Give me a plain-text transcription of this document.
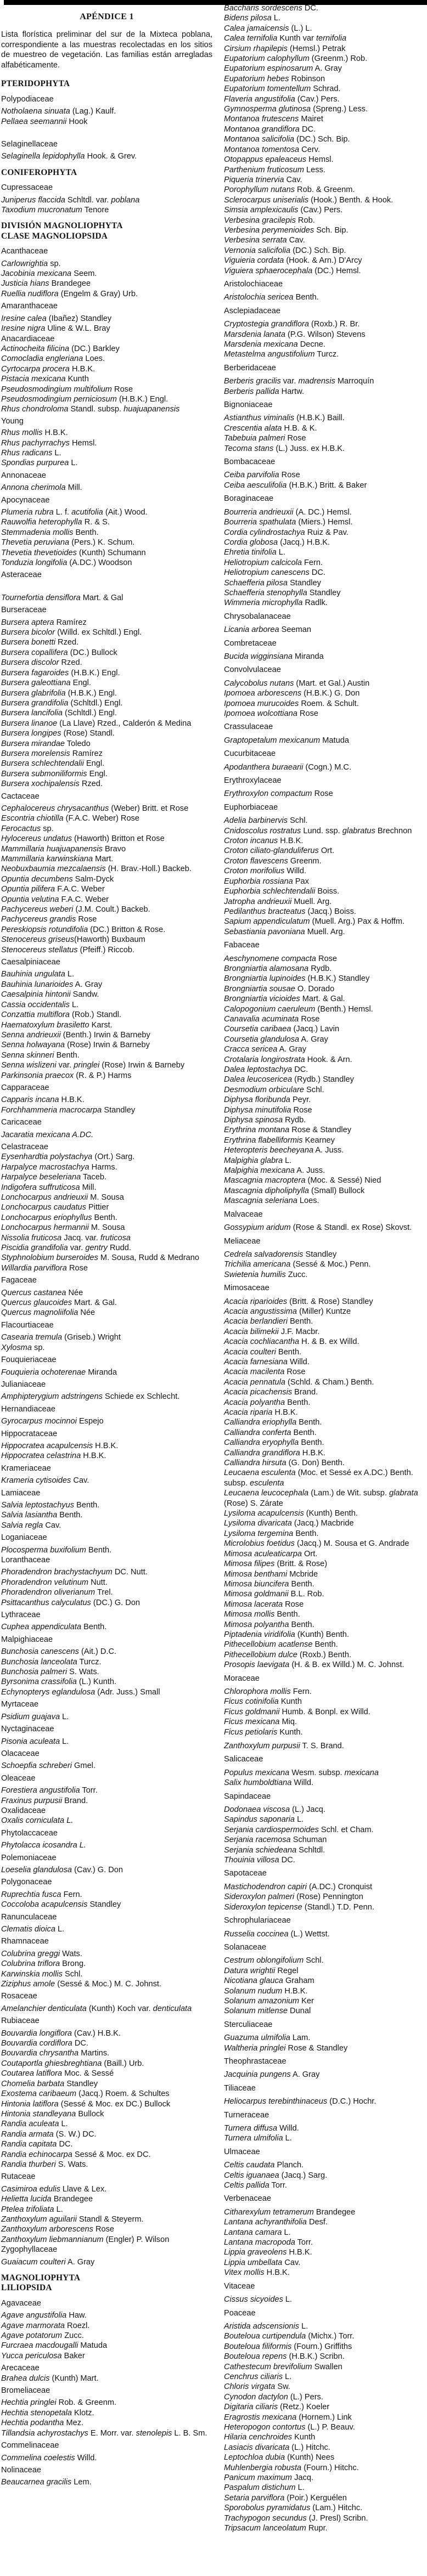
APÉNDICE 1

Lista florística preliminar del sur de la Mixteca poblana, correspondiente a las muestras recolectadas en los sitios de muestreo de vegetación. Las familias están arregladas alfabéticamente.

PTERIDOPHYTA
Polypodiaceae
Notholaena sinuata (Lag.) Kaulf.
Pellaea seemannii Hook
Selaginellaceae
Selaginella lepidophylla Hook. & Grev.
CONIFEROPHYTA
Cupressaceae
Juniperus flaccida Schltdl. var. poblana
Taxodium mucronatum Tenore
DIVISIÓN MAGNOLIOPHYTA
CLASE MAGNOLIOPSIDA
Acanthaceae
Carlowrightia sp.
Jacobinia mexicana Seem.
Justicia hians Brandegee
Ruellia nudiflora (Engelm & Gray) Urb.
Amaranthaceae
Iresine calea (Ibañez) Standley
Iresine nigra Uline & W.L. Bray
Anacardiaceae
Actinocheita filicina (DC.) Barkley
Comocladia engleriana Loes.
Cyrtocarpa procera H.B.K.
Pistacia mexicana Kunth
Pseudosmodingium multifolium Rose
Pseudosmodingium perniciosum (H.B.K.) Engl.
Rhus chondroloma Standl. subsp. huajuapanensis
Young
Rhus mollis H.B.K.
Rhus pachyrrachys Hemsl.
Rhus radicans L.
Spondias purpurea L.
Annonaceae
Annona cherimola Mill.
Apocynaceae
Plumeria rubra L. f. acutifolia (Ait.) Wood.
Rauwolfia heterophylla R. & S.
Stemmadenia mollis Benth.
Thevetia peruviana (Pers.) K. Schum.
Thevetia thevetioides (Kunth) Schumann
Tonduzia longifolia (A.DC.) Woodson
Asteraceae
Tournefortia densiflora Mart. & Gal
Burseraceae
Bursera aptera Ramírez
Bursera bicolor (Willd. ex Schltdl.) Engl.
Bursera bonetti Rzed.
Bursera copallifera (DC.) Bullock
Bursera discolor Rzed.
Bursera fagaroides (H.B.K.) Engl.
Bursera galeottiana Engl.
Bursera glabrifolia (H.B.K.) Engl.
Bursera grandifolia (Schltdl.) Engl.
Bursera lancifolia (Schltdl.) Engl.
Bursera linanoe (La Llave) Rzed., Calderón & Medina
Bursera longipes (Rose) Standl.
Bursera mirandae Toledo
Bursera morelensis Ramírez
Bursera schlechtendalii Engl.
Bursera submoniliformis Engl.
Bursera xochipalensis Rzed.
Cactaceae
Cephalocereus chrysacanthus (Weber) Britt. et Rose
Escontria chiotilla (F.A.C. Weber) Rose
Ferocactus sp.
Hylocereus undatus (Haworth) Britton et Rose
Mammillaria huajuapanensis Bravo
Mammillaria karwinskiana Mart.
Neobuxbaumia mezcalaensis (H. Brav.-Holl.) Backeb.
Opuntia decumbens Salm-Dyck
Opuntia pilifera F.A.C. Weber
Opuntia velutina F.A.C. Weber
Pachycereus weberi (J.M. Coult.) Backeb.
Pachycereus grandis Rose
Pereskiopsis rotundifolia (DC.) Britton & Rose.
Stenocereus griseus(Haworth) Buxbaum
Stenocereus stellatus (Pfeiff.) Riccob.
Caesalpiniaceae
Bauhinia ungulata L.
Bauhinia lunarioides A. Gray
Caesalpinia hintonii Sandw.
Cassia occidentalis L.
Conzattia multiflora (Rob.) Standl.
Haematoxylum brasiletto Karst.
Senna andrieuxii (Benth.) Irwin & Barneby
Senna holwayana (Rose) Irwin & Barneby
Senna skinneri Benth.
Senna wislizeni var. pringlei (Rose) Irwin & Barneby
Parkinsonia praecox (R. & P.) Harms
Capparaceae
Capparis incana H.B.K.
Forchhammeria macrocarpa Standley
Caricaceae
Jacaratia mexicana A.DC.
Celastraceae
Eysenhardtia polystachya (Ort.) Sarg.
Harpalyce macrostachya Harms.
Harpalyce beseleriana Taceb.
Indigofera suffruticosa Mill.
Lonchocarpus andrieuxii M. Sousa
Lonchocarpus caudatus Pittier
Lonchocarpus eriophyllus Benth.
Lonchocarpus hermannii M. Sousa
Nissolia fruticosa Jacq. var. fruticosa
Piscidia grandifolia var. gentry Rudd.
Styphnolobium burseroides M. Sousa, Rudd & Medrano
Willardia parviflora Rose
Fagaceae
Quercus castanea Née
Quercus glaucoides Mart. & Gal.
Quercus magnoliifolia Née
Flacourtiaceae
Casearia tremula (Griseb.) Wright
Xylosma sp.
Fouquieriaceae
Fouquieria ochoterenae Miranda
Julianiaceae
Amphipterygium adstringens Schiede ex Schlecht.
Hernandiaceae
Gyrocarpus mocinnoi Espejo
Hippocrataceae
Hippocratea acapulcensis H.B.K.
Hippocratea celastrina H.B.K.
Krameriaceae
Krameria cytisoides Cav.
Lamiaceae
Salvia leptostachyus Benth.
Salvia lasiantha Benth.
Salvia regla Cav.
Loganiaceae
Plocosperma buxifolium Benth.
Loranthaceae
Phoradendron brachystachyum DC. Nutt.
Phoradendron velutinum Nutt.
Phoradendron oliverianum Trel.
Psittacanthus calyculatus (DC.) G. Don
Lythraceae
Cuphea appendiculata Benth.
Malpighiaceae
Bunchosia canescens (Ait.) D.C.
Bunchosia lanceolata Turcz.
Bunchosia palmeri S. Wats.
Byrsonima crassifolia (L.) Kunth.
Echynopterys eglandulosa (Adr. Juss.) Small
Myrtaceae
Psidium guajava L.
Nyctaginaceae
Pisonia aculeata L.
Olacaceae
Schoepfia schreberi Gmel.
Oleaceae
Forestiera angustifolia Torr.
Fraxinus purpusii Brand.
Oxalidaceae
Oxalis corniculata L.
Phytolaccaceae
Phytolacca icosandra L.
Polemoniaceae
Loeselia glandulosa (Cav.) G. Don
Polygonaceae
Ruprechtia fusca Fern.
Coccoloba acapulcensis Standley
Ranunculaceae
Clematis dioica L.
Rhamnaceae
Colubrina greggi Wats.
Colubrina triflora Brong.
Karwinskia mollis Schl.
Ziziphus amole (Sessé & Moc.) M. C. Johnst.
Rosaceae
Amelanchier denticulata (Kunth) Koch var. denticulata
Rubiaceae
Bouvardia longiflora (Cav.) H.B.K.
Bouvardia cordiflora DC.
Bouvardia chrysantha Martins.
Coutaportla ghiesbreghtiana (Baill.) Urb.
Coutarea latiflora Moc. & Sessé
Chomelia barbata Standley
Exostema caribaeum (Jacq.) Roem. & Schultes
Hintonia latiflora (Sessé & Moc. ex DC.) Bullock
Hintonia standleyana Bullock
Randia aculeata L.
Randia armata (S. W.) DC.
Randia capitata DC.
Randia echinocarpa Sessé & Moc. ex DC.
Randia thurberi S. Wats.
Rutaceae
Casimiroa edulis Llave & Lex.
Helietta lucida Brandegee
Ptelea trifoliata L.
Zanthoxylum aguilarii Standl & Steyerm.
Zanthoxylum arborescens Rose
Zanthoxylum liebmannianum (Engler) P. Wilson
Zygophyllaceae
Guaiacum coulteri A. Gray
MAGNOLIOPHYTA
LILIOPSIDA
Agavaceae
Agave angustifolia Haw.
Agave marmorata Roezl.
Agave potatorum Zucc.
Furcraea macdougalli Matuda
Yucca periculosa Baker
Arecaceae
Brahea dulcis (Kunth) Mart.
Bromeliaceae
Hechtia pringlei Rob. & Greenm.
Hechtia stenopetala Klotz.
Hechtia podantha Mez.
Tillandsia achyrostachys E. Morr. var. stenolepis L. B. Sm.
Commelinaceae
Commelina coelestis Willd.
Nolinaceae
Beaucarnea gracilis Lem.
Baccharis sordescens DC.
Bidens pilosa L.
Calea jamaicensis (L.) L.
Calea ternifolia Kunth var ternifolia
Cirsium rhapilepis (Hemsl.) Petrak
Eupatorium calophyllum (Greenm.) Rob.
Eupatorium espinosarum A. Gray
Eupatorium hebes Robinson
Eupatorium tomentellum Schrad.
Flaveria angustifolia (Cav.) Pers.
Gymnosperma glutinosa (Spreng.) Less.
Montanoa frutescens Mairet
Montanoa grandiflora DC.
Montanoa salicifolia (DC.) Sch. Bip.
Montanoa tomentosa Cerv.
Otopappus epaleaceus Hemsl.
Parthenium fruticosum Less.
Piqueria trinervia Cav.
Porophyllum nutans Rob. & Greenm.
Sclerocarpus uniserialis (Hook.) Benth. & Hook.
Simsia amplexicaulis (Cav.) Pers.
Verbesina gracilepis Rob.
Verbesina perymenioides Sch. Bip.
Verbesina serrata Cav.
Vernonia salicifolia (DC.) Sch. Bip.
Viguieria cordata (Hook. & Arn.) D'Arcy
Viguiera sphaerocephala (DC.) Hemsl.
Aristolochiaceae
Aristolochia sericea Benth.
Asclepiadaceae
Cryptostegia grandiflora (Roxb.) R. Br.
Marsdenia lanata (P.G. Wilson) Stevens
Marsdenia mexicana Decne.
Metastelma angustifolium Turcz.
Berberidaceae
Berberis gracilis var. madrensis Marroquín
Berberis pallida Hartw.
Bignoniaceae
Astianthus viminalis (H.B.K.) Baill.
Crescentia alata H.B. & K.
Tabebuia palmeri Rose
Tecoma stans (L.) Juss. ex H.B.K.
Bombacaceae
Ceiba parvifolia Rose
Ceiba aesculifolia (H.B.K.) Britt. & Baker
Boraginaceae
Bourreria andrieuxii (A. DC.) Hemsl.
Bourreria spathulata (Miers.) Hemsl.
Cordia cylindrostachya Ruiz & Pav.
Cordia globosa (Jacq.) H.B.K.
Ehretia tinifolia L.
Heliotropium calcicola Fern.
Heliotropium canescens DC.
Schaefferia pilosa Standley
Schaefferia stenophylla Standley
Wimmeria microphylla Radlk.
Chrysobalanaceae
Licania arborea Seeman
Combretaceae
Bucida wigginsiana Miranda
Convolvulaceae
Calycobolus nutans (Mart. et Gal.) Austin
Ipomoea arborescens (H.B.K.) G. Don
Ipomoea murucoides Roem. & Schult.
Ipomoea wolcottiana Rose
Crassulaceae
Graptopetalum mexicanum Matuda
Cucurbitaceae
Apodanthera buraearii (Cogn.) M.C.
Erythroxylaceae
Erythroxylon compactum Rose
Euphorbiaceae
Adelia barbinervis Schl.
Cnidoscolus rostratus Lund. ssp. glabratus Brechnon
Croton incanus H.B.K.
Croton ciliato-glanduliferus Ort.
Croton flavescens Greenm.
Croton morifolius Willd.
Euphorbia rossiana Pax
Euphorbia schlechtendalii Boiss.
Jatropha andrieuxii Muell. Arg.
Pedilanthus bracteatus (Jacq.) Boiss.
Sapium appendiculatum (Muell. Arg.) Pax & Hoffm.
Sebastiania pavoniana Muell. Arg.
Fabaceae
Aeschynomene compacta Rose
Brongniartia alamosana Rydb.
Brongniartia lupinoides (H.B.K.) Standley
Brongniartia sousae O. Dorado
Brongniartia vicioides Mart. & Gal.
Calopogonium caeruleum (Benth.) Hemsl.
Canavalia acuminata Rose
Coursetia caribaea (Jacq.) Lavin
Coursetia glandulosa A. Gray
Cracca sericea A. Gray
Crotalaria longirostrata Hook. & Arn.
Dalea leptostachya DC.
Dalea leucosericea (Rydb.) Standley
Desmodium orbiculare Schl.
Diphysa floribunda Peyr.
Diphysa minutifolia Rose
Diphysa spinosa Rydb.
Erythrina montana Rose & Standley
Erythrina flabelliformis Kearney
Heteropteris beecheyana A. Juss.
Malpighia glabra L.
Malpighia mexicana A. Juss.
Mascagnia macroptera (Moc. & Sessé) Nied
Mascagnia dipholiphylla (Small) Bullock
Mascagnia seleriana Loes.
Malvaceae
Gossypium aridum (Rose & Standl. ex Rose) Skovst.
Meliaceae
Cedrela salvadorensis Standley
Trichilia americana (Sessé & Moc.) Penn.
Swietenia humilis Zucc.
Mimosaceae
Acacia riparioides (Britt. & Rose) Standley
Acacia angustissima (Miller) Kuntze
Acacia berlandieri Benth.
Acacia bilimekii J.F. Macbr.
Acacia cochliacantha H. & B. ex Willd.
Acacia coulteri Benth.
Acacia farnesiana Willd.
Acacia macilenta Rose
Acacia pennatula (Schld. & Cham.) Benth.
Acacia picachensis Brand.
Acacia polyantha Benth.
Acacia riparia H.B.K.
Calliandra eriophylla Benth.
Calliandra conferta Benth.
Calliandra eryophylla Benth.
Calliandra grandiflora H.B.K.
Calliandra hirsuta (G. Don) Benth.
Leucaena esculenta (Moc. et Sessé ex A.DC.) Benth.
subsp. esculenta
Leucaena leucocephala (Lam.) de Wit. subsp. glabrata
(Rose) S. Zárate
Lysiloma acapulcensis (Kunth) Benth.
Lysiloma divaricata (Jacq.) Macbride
Lysiloma tergemina Benth.
Microlobius foetidus (Jacq.) M. Sousa et G. Andrade
Mimosa aculeaticarpa Ort.
Mimosa filipes (Britt. & Rose)
Mimosa benthami Mcbride
Mimosa biuncifera Benth.
Mimosa goldmanii B.L. Rob.
Mimosa lacerata Rose
Mimosa mollis Benth.
Mimosa polyantha Benth.
Piptadenia viridifolia (Kunth) Benth.
Pithecellobium acatlense Benth.
Pithecellobium dulce (Roxb.) Benth.
Prosopis laevigata (H. & B. ex Willd.) M. C. Johnst.
Moraceae
Chlorophora mollis Fern.
Ficus cotinifolia Kunth
Ficus goldmanii Humb. & Bonpl. ex Willd.
Ficus mexicana Miq.
Ficus petiolaris Kunth.
Zanthoxylum purpusii T. S. Brand.
Salicaceae
Populus mexicana Wesm. subsp. mexicana
Salix humboldtiana Willd.
Sapindaceae
Dodonaea viscosa (L.) Jacq.
Sapindus saponaria L.
Serjania cardiospermoides Schl. et Cham.
Serjania racemosa Schuman
Serjania schiedeana Schltdl.
Thouinia villosa DC.
Sapotaceae
Mastichodendron capiri (A.DC.) Cronquist
Sideroxylon palmeri (Rose) Pennington
Sideroxylon tepicense (Standl.) T.D. Penn.
Schrophulariaceae
Russelia coccinea (L.) Wettst.
Solanaceae
Cestrum oblongifolium Schl.
Datura wrightii Regel
Nicotiana glauca Graham
Solanum nudum H.B.K.
Solanum amazonium Ker
Solanum mitlense Dunal
Sterculiaceae
Guazuma ulmifolia Lam.
Waltheria pringlei Rose & Standley
Theophrastaceae
Jacquinia pungens A. Gray
Tiliaceae
Heliocarpus terebinthinaceus (D.C.) Hochr.
Turneraceae
Turnera diffusa Willd.
Turnera ulmifolia L.
Ulmaceae
Celtis caudata Planch.
Celtis iguanaea (Jacq.) Sarg.
Celtis pallida Torr.
Verbenaceae
Citharexylum tetramerum Brandegee
Lantana achyranthifolia Desf.
Lantana camara L.
Lantana macropoda Torr.
Lippia graveolens H.B.K.
Lippia umbellata Cav.
Vitex mollis H.B.K.
Vitaceae
Cissus sicyoides L.
Poaceae
Aristida adscensionis L.
Bouteloua curtipendula (Michx.) Torr.
Bouteloua filiformis (Fourn.) Griffiths
Bouteloua repens (H.B.K.) Scribn.
Cathestecum brevifolium Swallen
Cenchrus ciliaris L.
Chloris virgata Sw.
Cynodon dactylon (L.) Pers.
Digitaria ciliaris (Retz.) Koeler
Eragrostis mexicana (Hornem.) Link
Heteropogon contortus (L.) P. Beauv.
Hilaria cenchroides Kunth
Lasiacis divaricata (L.) Hitchc.
Leptochloa dubia (Kunth) Nees
Muhlenbergia robusta (Fourn.) Hitchc.
Panicum maximum Jacq.
Paspalum distichum L.
Setaria parviflora (Poir.) Kerguélen
Sporobolus pyramidatus (Lam.) Hitchc.
Trachypogon secundus (J. Presl) Scribn.
Tripsacum lanceolatum Rupr.
